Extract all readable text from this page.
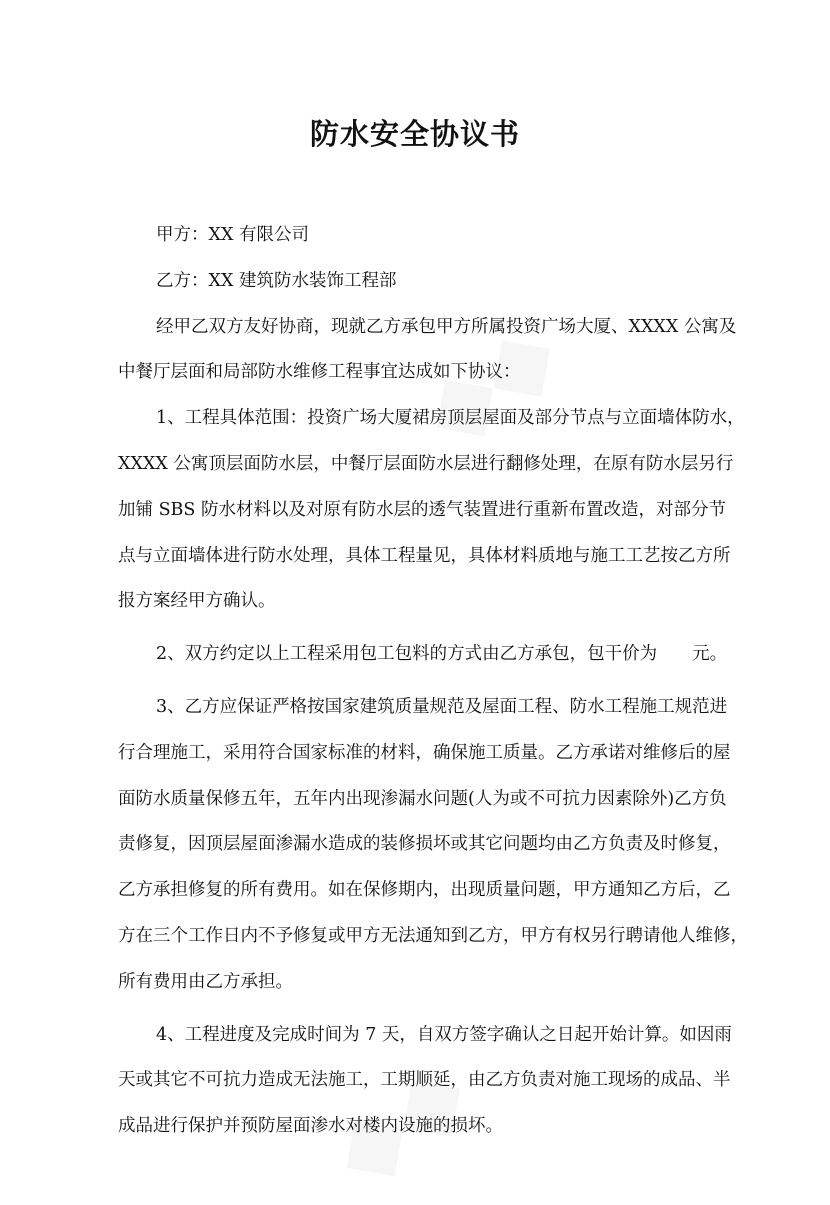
防水安全协议书
甲方：XX 有限公司
乙方：XX 建筑防水装饰工程部
经甲乙双方友好协商，现就乙方承包甲方所属投资广场大厦、XXXX 公寓及
中餐厅层面和局部防水维修工程事宜达成如下协议：
1、工程具体范围：投资广场大厦裙房顶层屋面及部分节点与立面墙体防水，
XXXX 公寓顶层面防水层，中餐厅层面防水层进行翻修处理，在原有防水层另行
加铺 SBS 防水材料以及对原有防水层的透气装置进行重新布置改造，对部分节
点与立面墙体进行防水处理，具体工程量见，具体材料质地与施工工艺按乙方所
报方案经甲方确认。
2、双方约定以上工程采用包工包料的方式由乙方承包，包干价为　　元。
3、乙方应保证严格按国家建筑质量规范及屋面工程、防水工程施工规范进
行合理施工，采用符合国家标准的材料，确保施工质量。乙方承诺对维修后的屋
面防水质量保修五年，五年内出现渗漏水问题(人为或不可抗力因素除外)乙方负
责修复，因顶层屋面渗漏水造成的装修损坏或其它问题均由乙方负责及时修复，
乙方承担修复的所有费用。如在保修期内，出现质量问题，甲方通知乙方后，乙
方在三个工作日内不予修复或甲方无法通知到乙方，甲方有权另行聘请他人维修，
所有费用由乙方承担。
4、工程进度及完成时间为 7 天，自双方签字确认之日起开始计算。如因雨
天或其它不可抗力造成无法施工，工期顺延，由乙方负责对施工现场的成品、半
成品进行保护并预防屋面渗水对楼内设施的损坏。
